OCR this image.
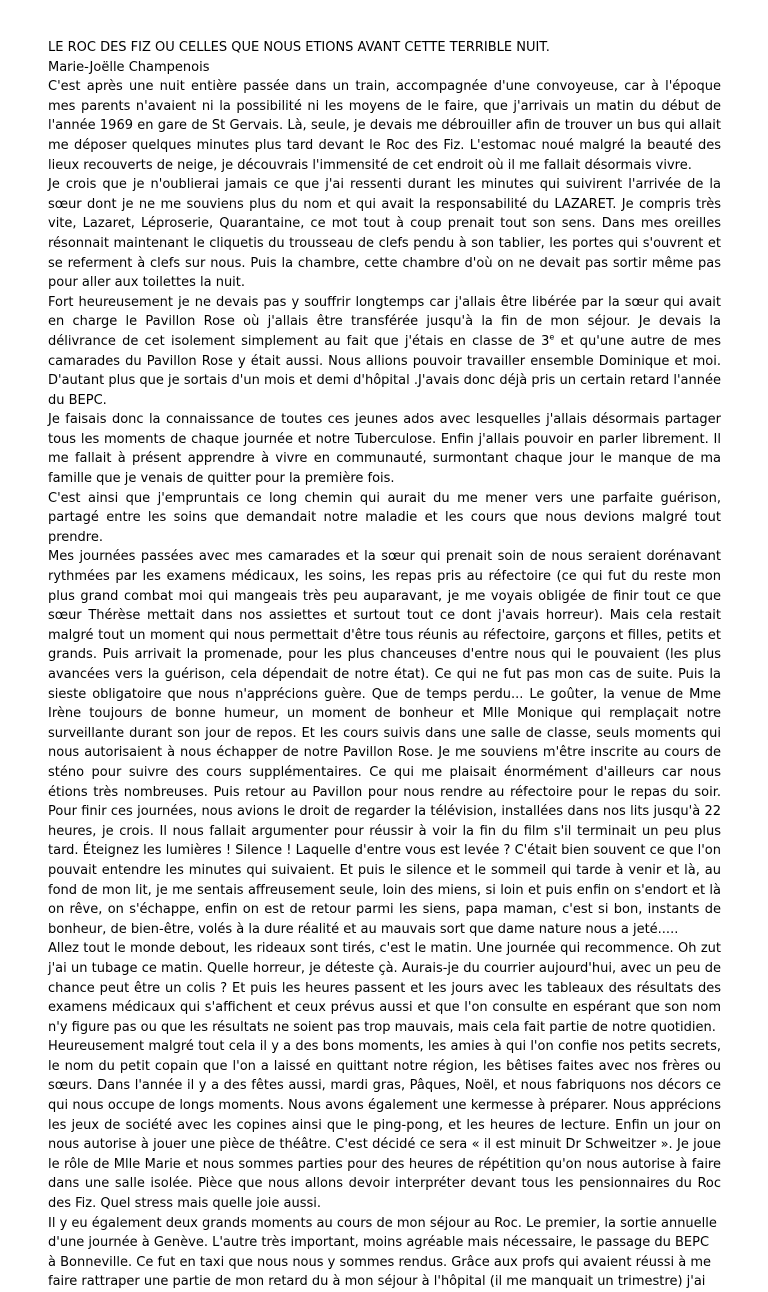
LE ROC DES FIZ OU CELLES QUE NOUS ETIONS AVANT CETTE TERRIBLE NUIT.

Marie-Joëlle Champenois

C'est après une nuit entière passée dans un train, accompagnée d'une convoyeuse, car à l'époque mes parents n'avaient ni la possibilité ni les moyens de le faire, que j'arrivais un matin du début de l'année 1969 en gare de St Gervais. Là, seule, je devais me débrouiller afin de trouver un bus qui allait me déposer quelques minutes plus tard devant le Roc des Fiz. L'estomac noué malgré la beauté des lieux recouverts de neige, je découvrais l'immensité de cet endroit où il me fallait désormais vivre.

Je crois que je n'oublierai jamais ce que j'ai ressenti durant les minutes qui suivirent l'arrivée de la sœur dont je ne me souviens plus du nom et qui avait la responsabilité du LAZARET. Je compris très vite, Lazaret, Léproserie, Quarantaine, ce mot tout à coup prenait tout son sens. Dans mes oreilles résonnait maintenant le cliquetis du trousseau de clefs pendu à son tablier, les portes qui s'ouvrent et se referment à clefs sur nous. Puis la chambre, cette chambre d'où on ne devait pas sortir même pas pour aller aux toilettes la nuit.

Fort heureusement je ne devais pas y souffrir longtemps car j'allais être libérée par la sœur qui avait en charge le Pavillon Rose où j'allais être transférée jusqu'à la fin de mon séjour. Je devais la délivrance de cet isolement simplement au fait que j'étais en classe de 3e et qu'une autre de mes camarades du Pavillon Rose y était aussi. Nous allions pouvoir travailler ensemble Dominique et moi. D'autant plus que je sortais d'un mois et demi d'hôpital .J'avais donc déjà pris un certain retard l'année du BEPC.

Je faisais donc la connaissance de toutes ces jeunes ados avec lesquelles j'allais désormais partager tous les moments de chaque journée et notre Tuberculose. Enfin j'allais pouvoir en parler librement. Il me fallait à présent apprendre à vivre en communauté, surmontant chaque jour le manque de ma famille que je venais de quitter pour la première fois.

C'est ainsi que j'empruntais ce long chemin qui aurait du me mener vers une parfaite guérison, partagé entre les soins que demandait notre maladie et les cours que nous devions malgré tout prendre.

Mes journées passées avec mes camarades et la sœur qui prenait soin de nous seraient dorénavant rythmées par les examens médicaux, les soins, les repas pris au réfectoire (ce qui fut du reste mon plus grand combat moi qui mangeais très peu auparavant, je me voyais obligée de finir tout ce que sœur Thérèse mettait dans nos assiettes et surtout tout ce dont j'avais horreur). Mais cela restait malgré tout un moment qui nous permettait d'être tous réunis au réfectoire, garçons et filles, petits et grands. Puis arrivait la promenade, pour les plus chanceuses d'entre nous qui le pouvaient (les plus avancées vers la guérison, cela dépendait de notre état). Ce qui ne fut pas mon cas de suite. Puis la sieste obligatoire que nous n'apprécions guère. Que de temps perdu... Le goûter, la venue de Mme Irène toujours de bonne humeur, un moment de bonheur et Mlle Monique qui remplaçait notre surveillante durant son jour de repos. Et les cours suivis dans une salle de classe, seuls moments qui nous autorisaient à nous échapper de notre Pavillon Rose. Je me souviens m'être inscrite au cours de sténo pour suivre des cours supplémentaires. Ce qui me plaisait énormément d'ailleurs car nous étions très nombreuses. Puis retour au Pavillon pour nous rendre au réfectoire pour le repas du soir. Pour finir ces journées, nous avions le droit de regarder la télévision, installées dans nos lits jusqu'à 22 heures, je crois. Il nous fallait argumenter pour réussir à voir la fin du film s'il terminait un peu plus tard. Éteignez les lumières ! Silence ! Laquelle d'entre vous est levée ? C'était bien souvent ce que l'on pouvait entendre les minutes qui suivaient. Et puis le silence et le sommeil qui tarde à venir et là, au fond de mon lit, je me sentais affreusement seule, loin des miens, si loin et puis enfin on s'endort et là on rêve, on s'échappe, enfin on est de retour parmi les siens, papa maman, c'est si bon, instants de bonheur, de bien-être, volés à la dure réalité et au mauvais sort que dame nature nous a jeté.....

Allez tout le monde debout, les rideaux sont tirés, c'est le matin. Une journée qui recommence. Oh zut j'ai un tubage ce matin. Quelle horreur, je déteste çà. Aurais-je du courrier aujourd'hui, avec un peu de chance peut être un colis ? Et puis les heures passent et les jours avec les tableaux des résultats des examens médicaux qui s'affichent et ceux prévus aussi et que l'on consulte en espérant que son nom n'y figure pas ou que les résultats ne soient pas trop mauvais, mais cela fait partie de notre quotidien.

Heureusement malgré tout cela il y a des bons moments, les amies à qui l'on confie nos petits secrets, le nom du petit copain que l'on a laissé en quittant notre région, les bêtises faites avec nos frères ou sœurs. Dans l'année il y a des fêtes aussi, mardi gras, Pâques, Noël, et nous fabriquons nos décors ce qui nous occupe de longs moments. Nous avons également une kermesse à préparer. Nous apprécions les jeux de société avec les copines ainsi que le ping-pong, et les heures de lecture. Enfin un jour on nous autorise à jouer une pièce de théâtre. C'est décidé ce sera « il est minuit Dr Schweitzer ». Je joue le rôle de Mlle Marie et nous sommes parties pour des heures de répétition qu'on nous autorise à faire dans une salle isolée. Pièce que nous allons devoir interpréter devant tous les pensionnaires du Roc des Fiz. Quel stress mais quelle joie aussi.

Il y eu également deux grands moments au cours de mon séjour au Roc. Le premier, la sortie annuelle d'une journée à Genève. L'autre très important, moins agréable mais nécessaire, le passage du BEPC à Bonneville. Ce fut en taxi que nous nous y sommes rendus. Grâce aux profs qui avaient réussi à me faire rattraper une partie de mon retard du à mon séjour à l'hôpital (il me manquait un trimestre) j'ai
